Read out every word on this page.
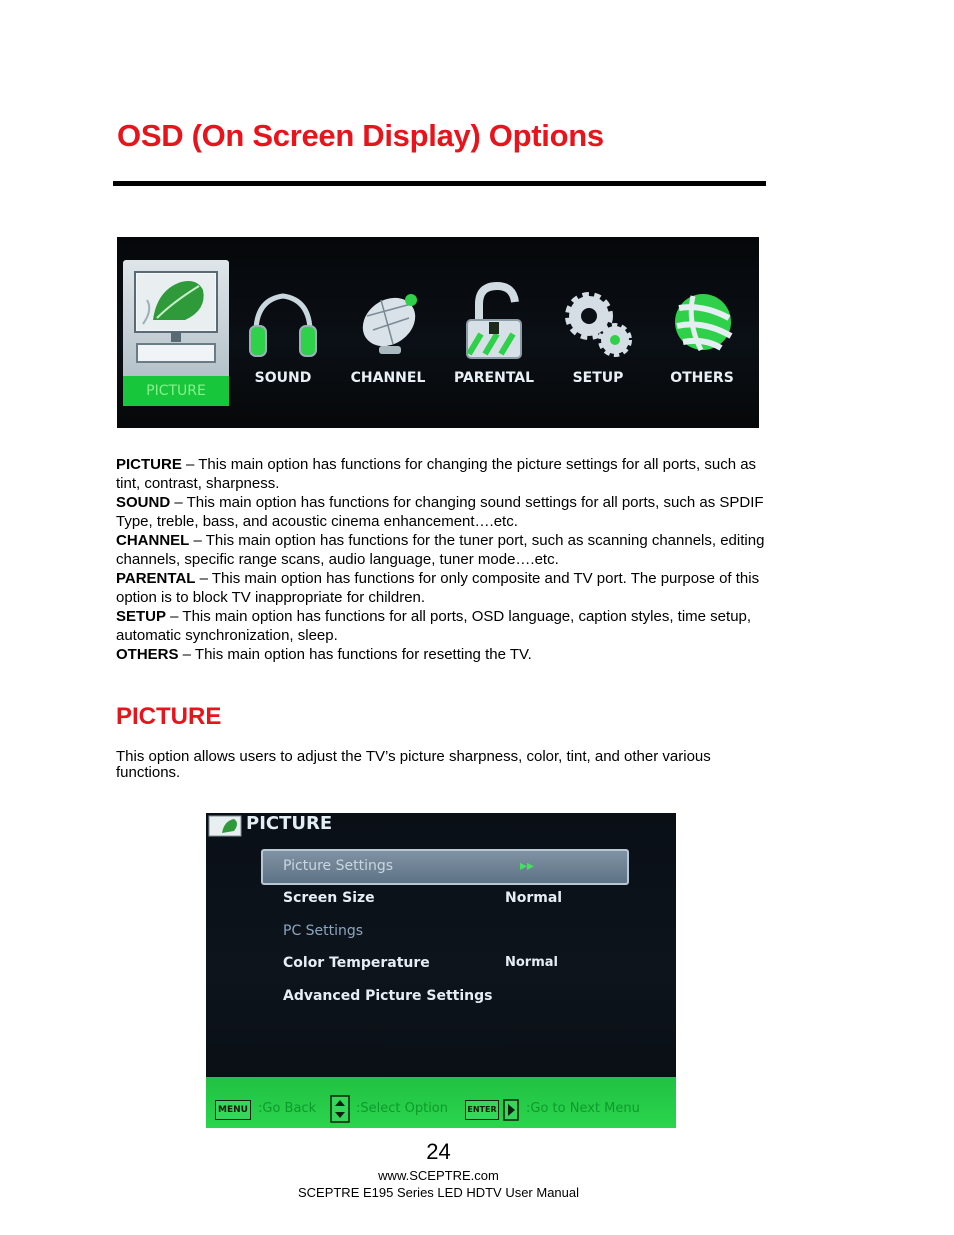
OSD (On Screen Display) Options
PICTURE
SOUND	CHANNEL	PARENTAL	SETUP	OTHERS

PICTURE – This main option has functions for changing the picture settings for all ports, such as tint, contrast, sharpness.

SOUND – This main option has functions for changing sound settings for all ports, such as SPDIF Type, treble, bass, and acoustic cinema enhancement….etc.

CHANNEL – This main option has functions for the tuner port, such as scanning channels, editing channels, specific range scans, audio language, tuner mode….etc.

PARENTAL – This main option has functions for only composite and TV port. The purpose of this option is to block TV inappropriate for children.

SETUP – This main option has functions for all ports, OSD language, caption styles, time setup, automatic synchronization, sleep.

OTHERS – This main option has functions for resetting the TV.

PICTURE

This option allows users to adjust the TV’s picture sharpness, color, tint, and other various functions.

PICTURE
Picture Settings	▸▸
Screen Size	Normal
PC Settings
Color Temperature	Normal
Advanced Picture Settings
MENU :Go Back	:Select Option ENTER :Go to Next Menu
24
www.SCEPTRE.com
SCEPTRE E195 Series LED HDTV User Manual
